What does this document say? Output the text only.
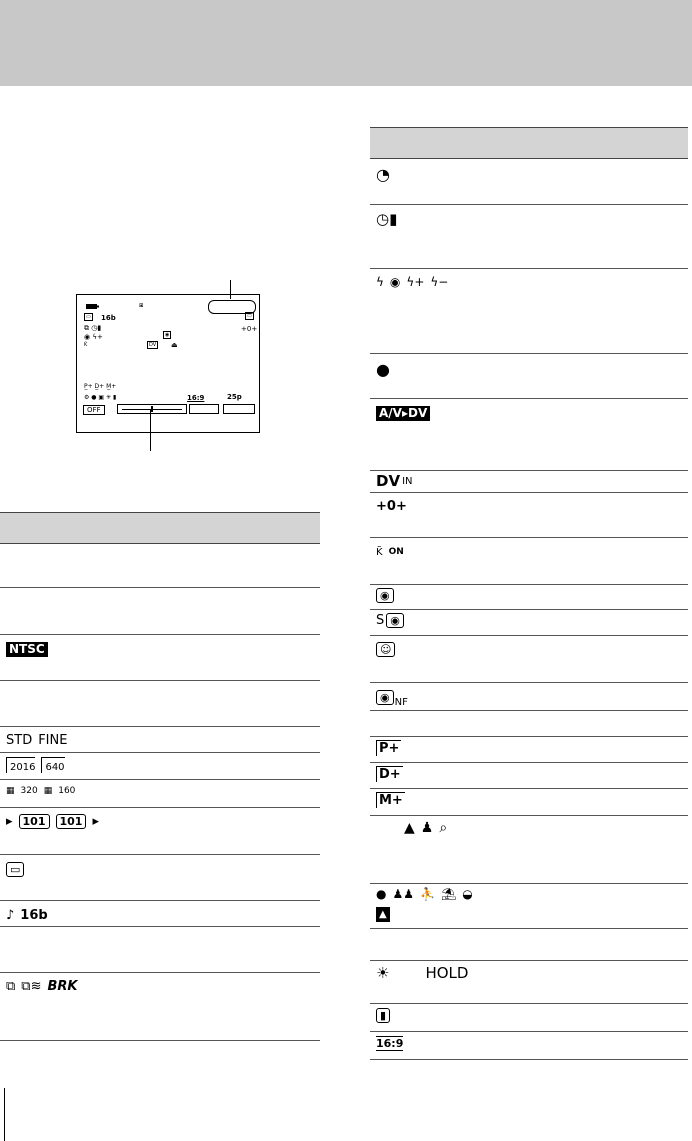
⧆
▭
▭ 16b
⧉ ◷▮	+0+
◉ ϟ+	◉
DV ⏏
K̃
P̲+ D̲+ M̲+
⚙ ● ▣ ✳ ▮	16:9	25p
OFF
NTSC
STD FINE
2016	640
▦ 320 ▦ 160
▸ 101	101 ▸
▭
♪ 16b
⧉ ⧉≋ BRK
◔
◷▮
ϟ ◉ ϟ+ ϟ−
●
A/V▸DV
DV IN
+0+
K̃ ON
◉
S ◉
☺
◉ NF
P+
D+
M+
▲ ♟ ⌕
● ♟♟ ⛹ ⛱ ◒
▲
☀ HOLD
▮
16:9
